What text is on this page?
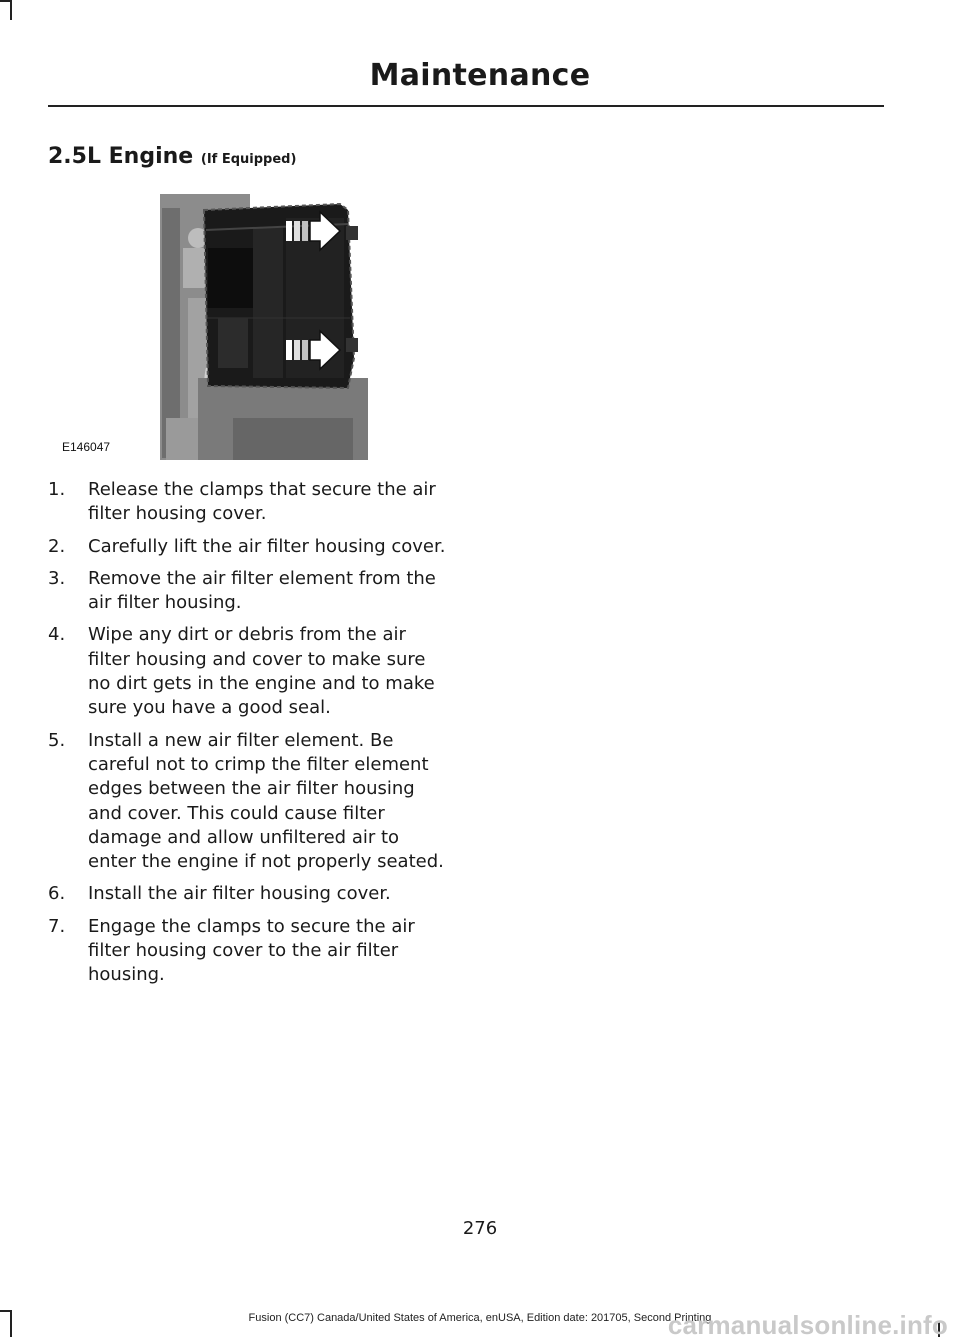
Maintenance
2.5L Engine (If Equipped)
E146047
1. Release the clamps that secure the air filter housing cover.
2. Carefully lift the air filter housing cover.
3. Remove the air filter element from the air filter housing.
4. Wipe any dirt or debris from the air filter housing and cover to make sure no dirt gets in the engine and to make sure you have a good seal.
5. Install a new air filter element. Be careful not to crimp the filter element edges between the air filter housing and cover. This could cause filter damage and allow unfiltered air to enter the engine if not properly seated.
6. Install the air filter housing cover.
7. Engage the clamps to secure the air filter housing cover to the air filter housing.
276
Fusion (CC7) Canada/United States of America, enUSA, Edition date: 201705, Second Printing
carmanualsonline.info
